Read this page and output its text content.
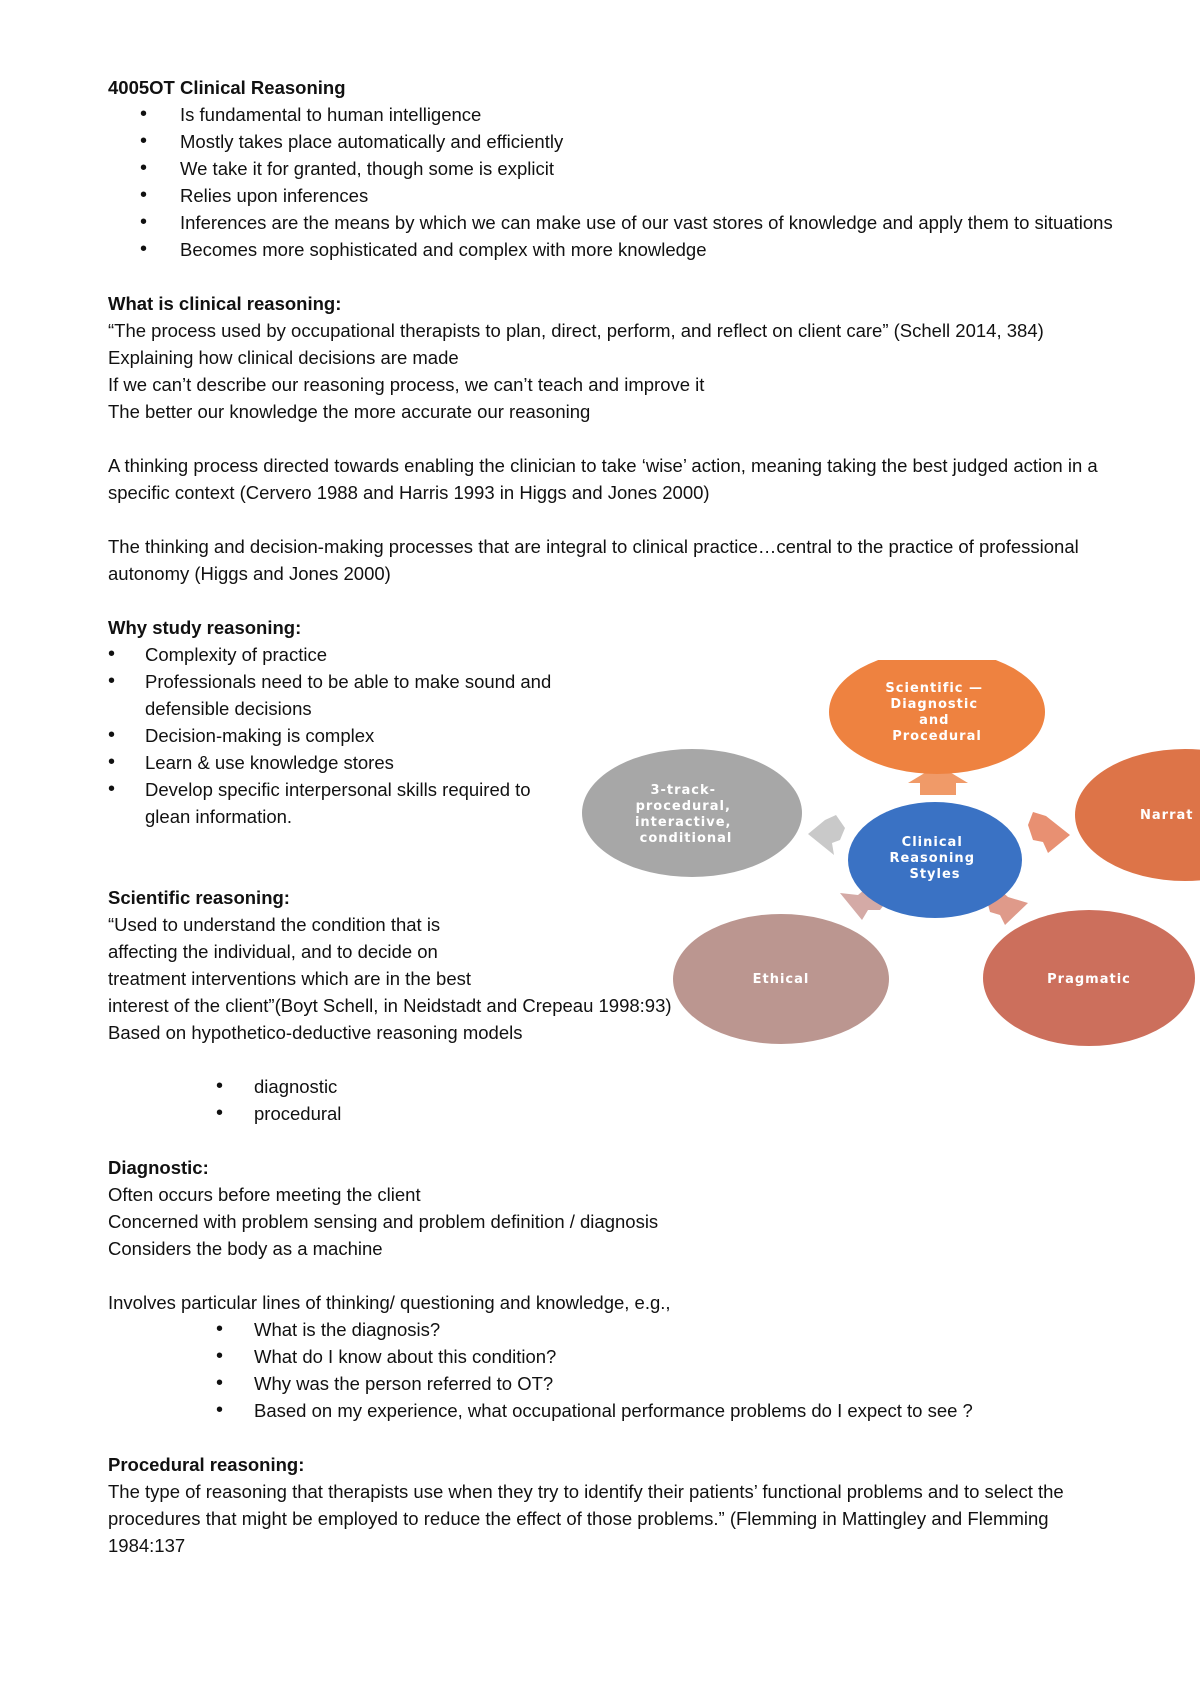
4005OT Clinical Reasoning

• Is fundamental to human intelligence
• Mostly takes place automatically and efficiently
• We take it for granted, though some is explicit
• Relies upon inferences
• Inferences are the means by which we can make use of our vast stores of knowledge and apply them to situations
• Becomes more sophisticated and complex with more knowledge

What is clinical reasoning:

“The process used by occupational therapists to plan, direct, perform, and reflect on client care” (Schell 2014, 384)

Explaining how clinical decisions are made

If we can’t describe our reasoning process, we can’t teach and improve it

The better our knowledge the more accurate our reasoning

A thinking process directed towards enabling the clinician to take ‘wise’ action, meaning taking the best judged action in a specific context (Cervero 1988 and Harris 1993 in Higgs and Jones 2000)

The thinking and decision-making processes that are integral to clinical practice…central to the practice of professional autonomy (Higgs and Jones 2000)

Why study reasoning:

• Complexity of practice
• Professionals need to be able to make sound and defensible decisions
• Decision-making is complex
• Learn & use knowledge stores
• Develop specific interpersonal skills required to glean information.

Scientific reasoning:

“Used to understand the condition that is

affecting the individual, and to decide on

treatment interventions which are in the best

interest of the client”(Boyt Schell, in Neidstadt and Crepeau 1998:93)

Based on hypothetico-deductive reasoning models

• diagnostic
• procedural

Diagnostic:

Often occurs before meeting the client

Concerned with problem sensing and problem definition / diagnosis

Considers the body as a machine

Involves particular lines of thinking/ questioning and knowledge, e.g.,

• What is the diagnosis?
• What do I know about this condition?
• Why was the person referred to OT?
• Based on my experience, what occupational performance problems do I expect to see ?

Procedural reasoning:

The type of reasoning that therapists use when they try to identify their patients’ functional problems and to select the procedures that might be employed to reduce the effect of those problems.” (Flemming in Mattingley and Flemming 1984:137

Scientific — Diagnostic and Procedural
3-track- procedural, interactive, conditional
Narrat
Clinical Reasoning Styles
Ethical	Pragmatic
